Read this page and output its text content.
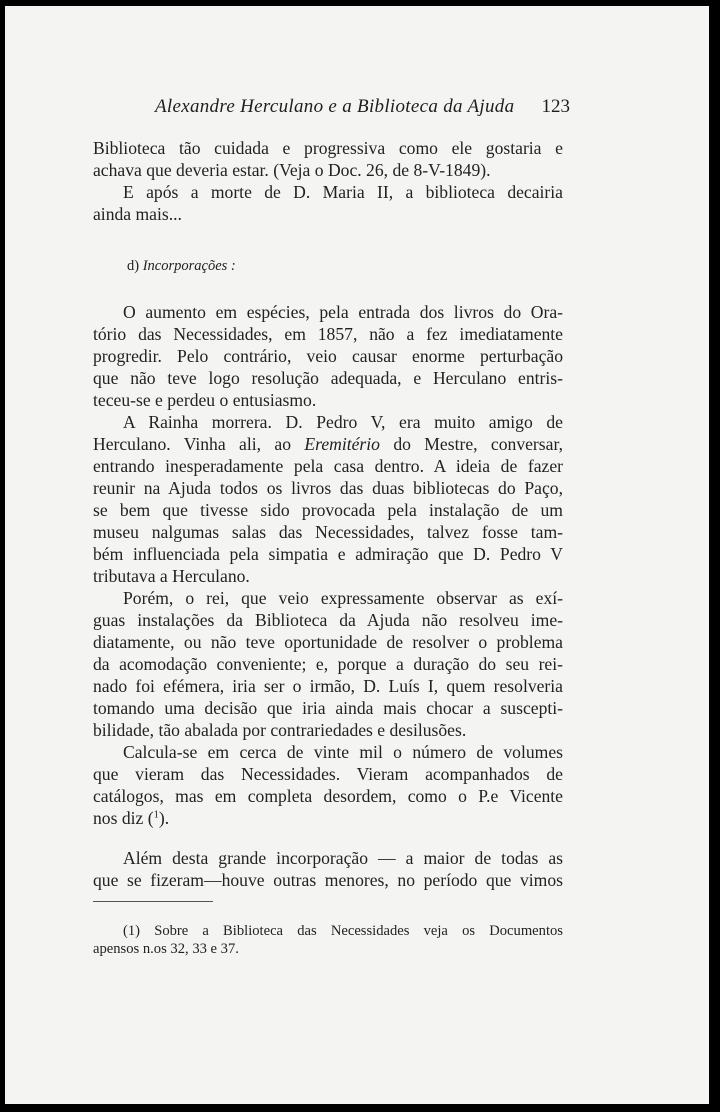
Alexandre Herculano e a Biblioteca da Ajuda 123
Biblioteca tão cuidada e progressiva como ele gostaria e
achava que deveria estar. (Veja o Doc. 26, de 8-V-1849).
E após a morte de D. Maria II, a biblioteca decairia
ainda mais...
d) Incorporações :
O aumento em espécies, pela entrada dos livros do Ora-
tório das Necessidades, em 1857, não a fez imediatamente
progredir. Pelo contrário, veio causar enorme perturbação
que não teve logo resolução adequada, e Herculano entris-
teceu-se e perdeu o entusiasmo.
A Rainha morrera. D. Pedro V, era muito amigo de
Herculano. Vinha ali, ao Eremitério do Mestre, conversar,
entrando inesperadamente pela casa dentro. A ideia de fazer
reunir na Ajuda todos os livros das duas bibliotecas do Paço,
se bem que tivesse sido provocada pela instalação de um
museu nalgumas salas das Necessidades, talvez fosse tam-
bém influenciada pela simpatia e admiração que D. Pedro V
tributava a Herculano.
Porém, o rei, que veio expressamente observar as exí-
guas instalações da Biblioteca da Ajuda não resolveu ime-
diatamente, ou não teve oportunidade de resolver o problema
da acomodação conveniente; e, porque a duração do seu rei-
nado foi efémera, iria ser o irmão, D. Luís I, quem resolveria
tomando uma decisão que iria ainda mais chocar a suscepti-
bilidade, tão abalada por contrariedades e desilusões.
Calcula-se em cerca de vinte mil o número de volumes
que vieram das Necessidades. Vieram acompanhados de
catálogos, mas em completa desordem, como o P.e Vicente
nos diz ($^1$).
Além desta grande incorporação — a maior de todas as
que se fizeram—houve outras menores, no período que vimos
(1) Sobre a Biblioteca das Necessidades veja os Documentos
apensos n.os 32, 33 e 37.
